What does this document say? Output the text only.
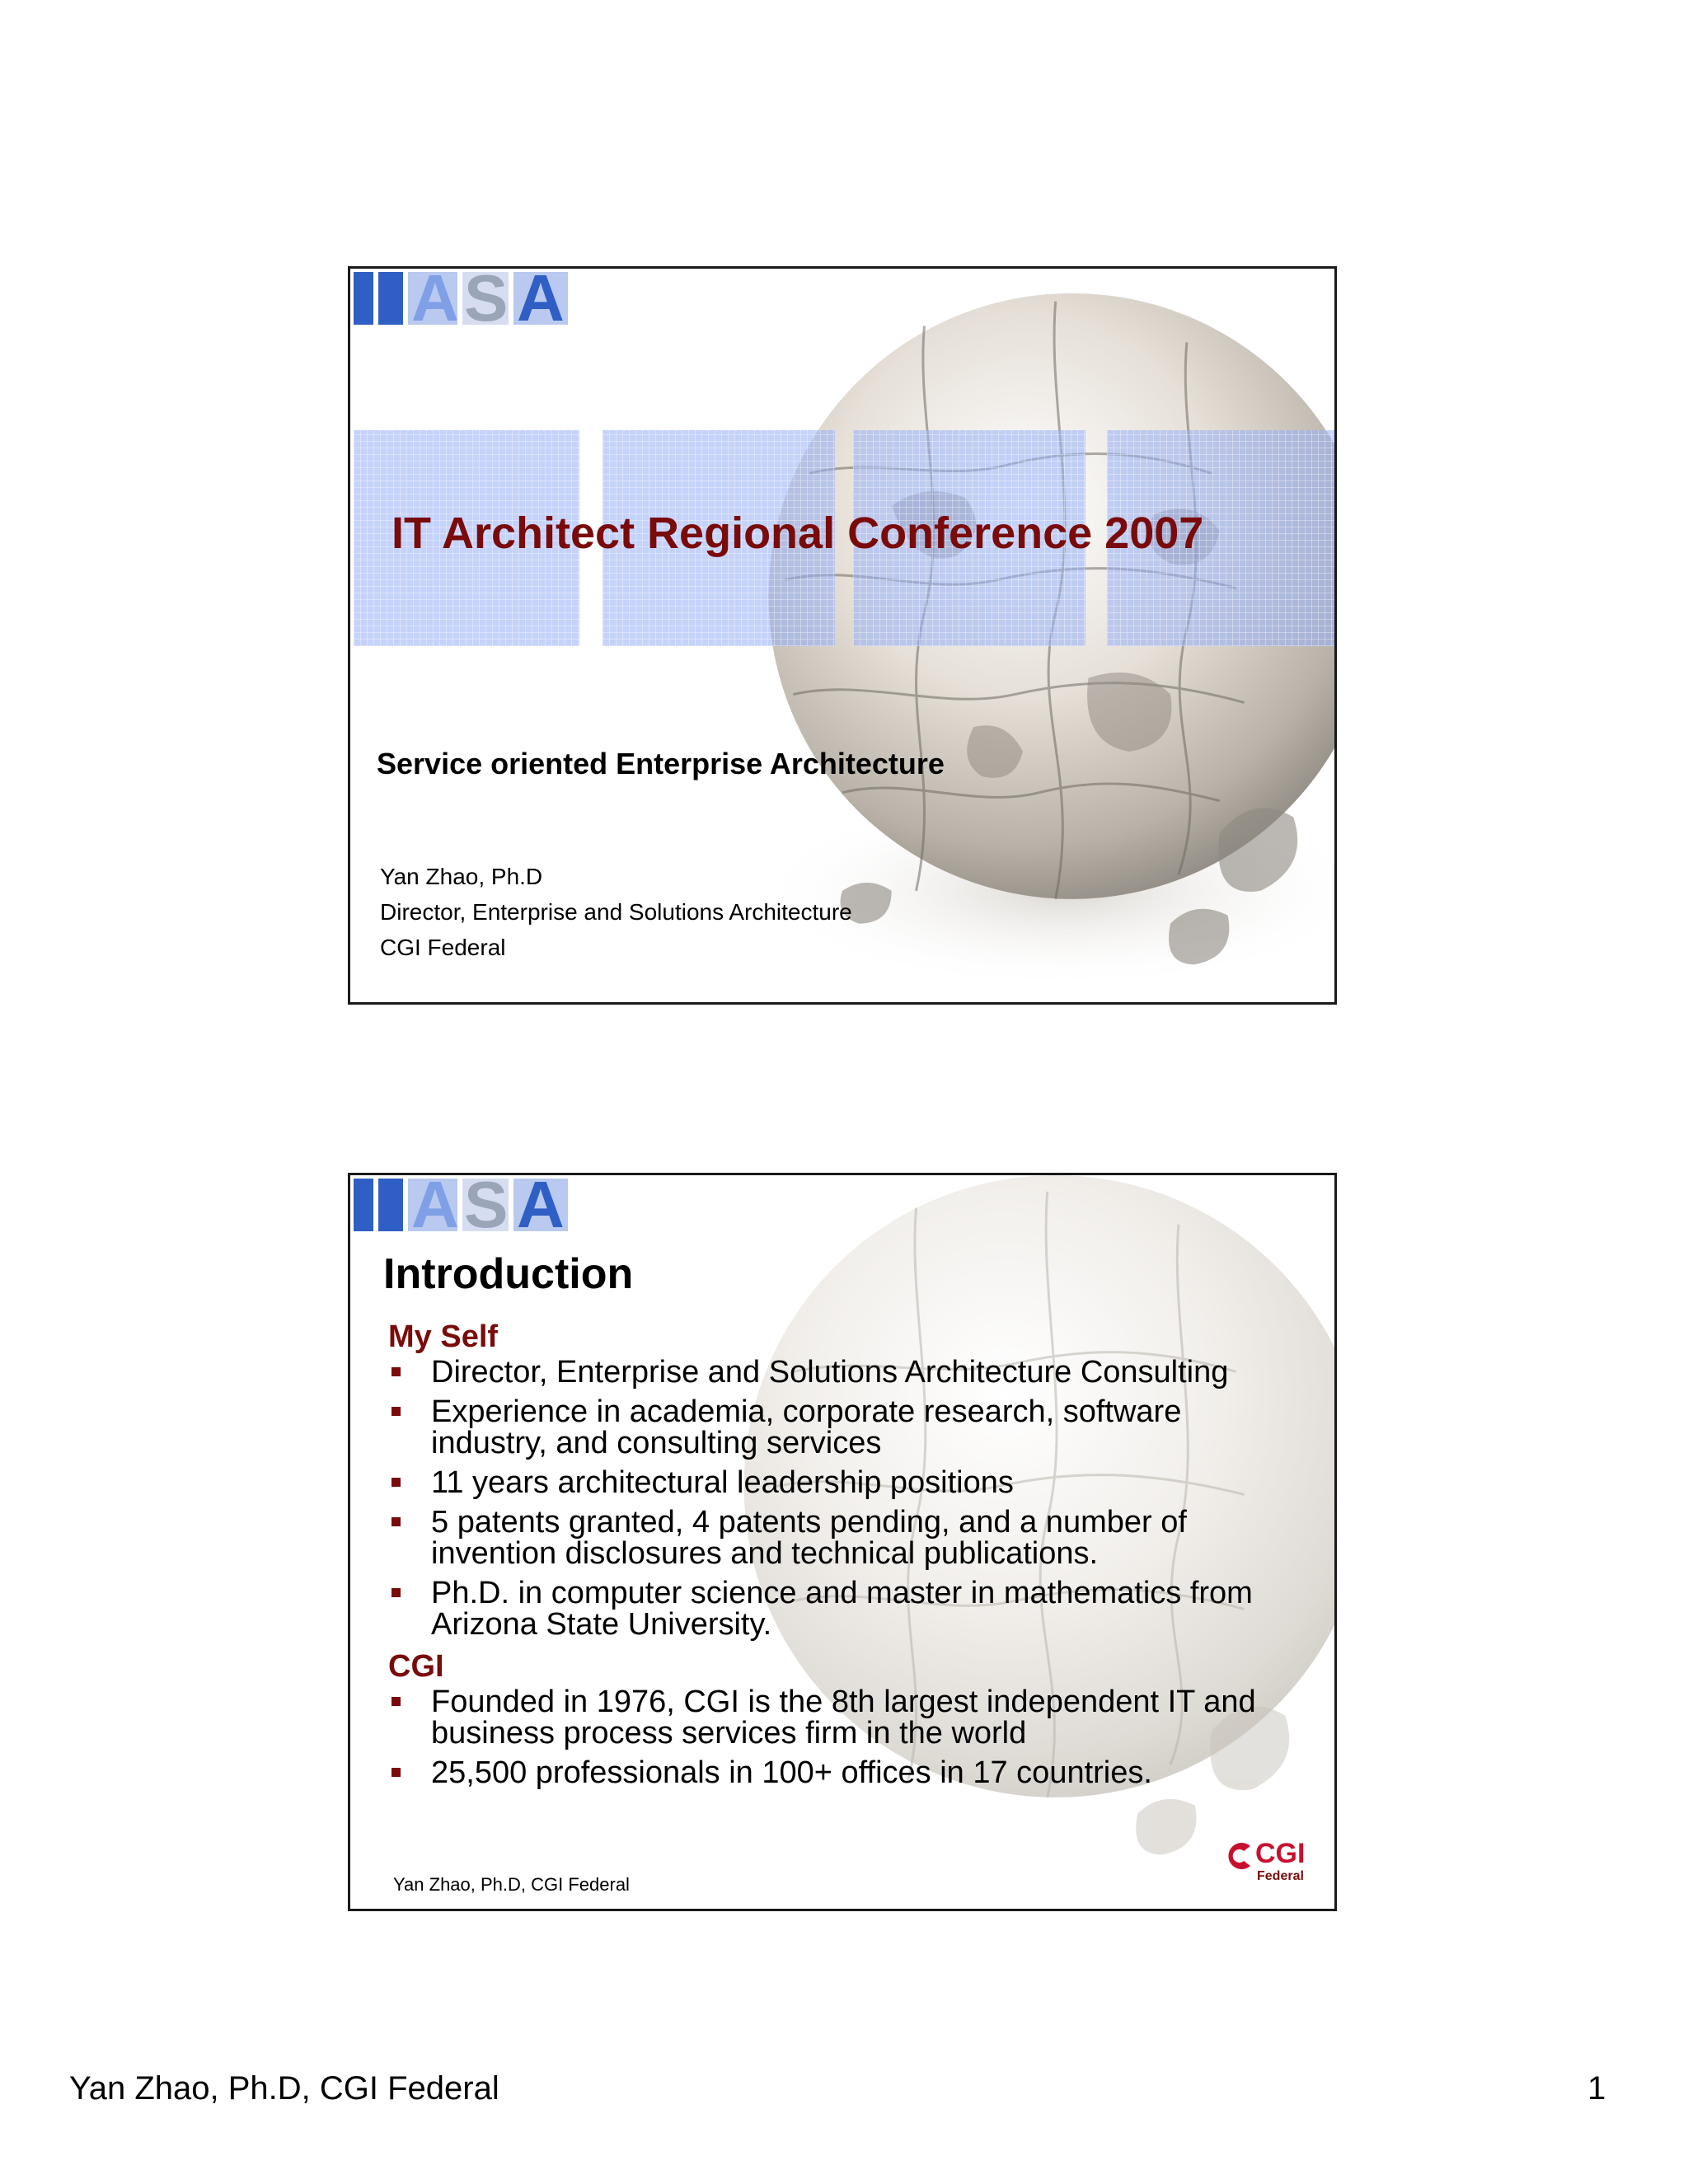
A S A
IT Architect Regional Conference 2007
Service oriented Enterprise Architecture
Yan Zhao, Ph.D
Director, Enterprise and Solutions Architecture
CGI Federal
A S A
Introduction
My Self
Director, Enterprise and Solutions Architecture Consulting
Experience in academia, corporate research, software industry, and consulting services
11 years architectural leadership positions
5 patents granted, 4 patents pending, and a number of invention disclosures and technical publications.
Ph.D. in computer science and master in mathematics from Arizona State University.
CGI
Founded in 1976, CGI is the 8th largest independent IT and business process services firm in the world
25,500 professionals in 100+ offices in 17 countries.
Yan Zhao, Ph.D, CGI Federal
CGI
Federal
Yan Zhao, Ph.D, CGI Federal	1
